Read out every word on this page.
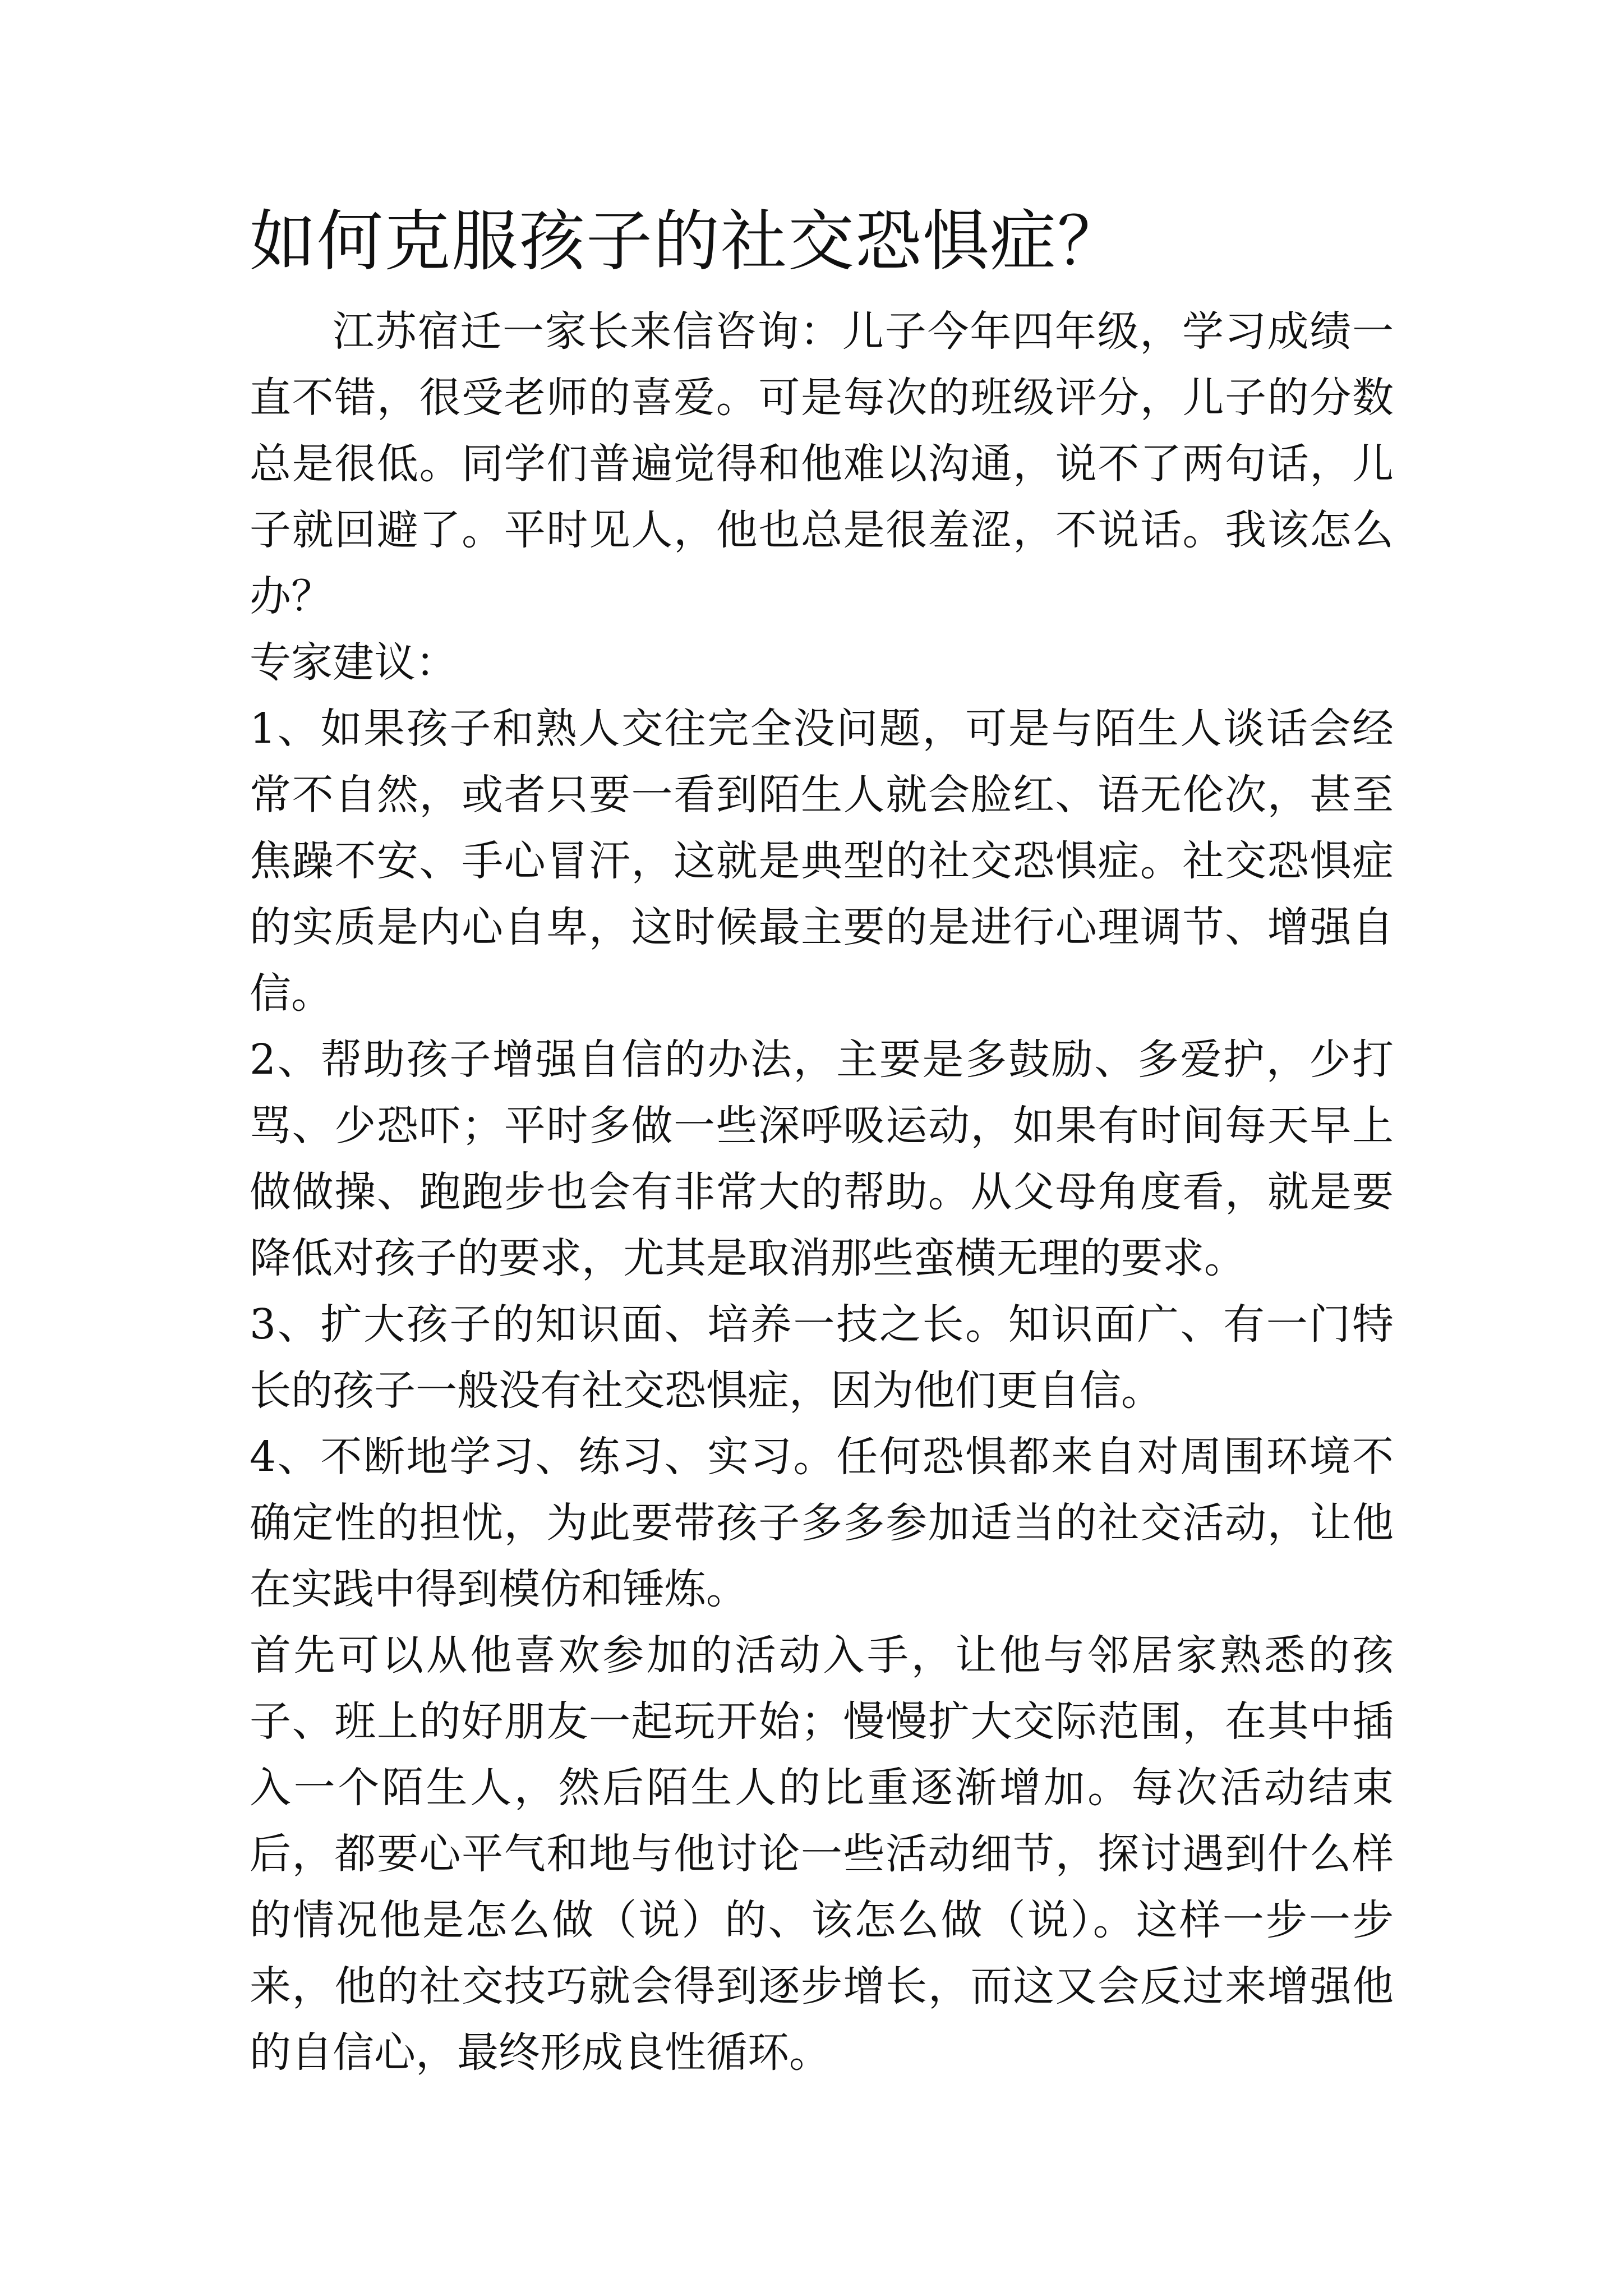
如何克服孩子的社交恐惧症？

江苏宿迁一家长来信咨询：儿子今年四年级，学习成绩一直不错，很受老师的喜爱。可是每次的班级评分，儿子的分数总是很低。同学们普遍觉得和他难以沟通，说不了两句话，儿子就回避了。平时见人，他也总是很羞涩，不说话。我该怎么办？

专家建议：

1、如果孩子和熟人交往完全没问题，可是与陌生人谈话会经常不自然，或者只要一看到陌生人就会脸红、语无伦次，甚至焦躁不安、手心冒汗，这就是典型的社交恐惧症。社交恐惧症的实质是内心自卑，这时候最主要的是进行心理调节、增强自信。

2、帮助孩子增强自信的办法，主要是多鼓励、多爱护，少打骂、少恐吓；平时多做一些深呼吸运动，如果有时间每天早上做做操、跑跑步也会有非常大的帮助。从父母角度看，就是要降低对孩子的要求，尤其是取消那些蛮横无理的要求。

3、扩大孩子的知识面、培养一技之长。知识面广、有一门特长的孩子一般没有社交恐惧症，因为他们更自信。

4、不断地学习、练习、实习。任何恐惧都来自对周围环境不确定性的担忧，为此要带孩子多多参加适当的社交活动，让他在实践中得到模仿和锤炼。

首先可以从他喜欢参加的活动入手，让他与邻居家熟悉的孩子、班上的好朋友一起玩开始；慢慢扩大交际范围，在其中插入一个陌生人，然后陌生人的比重逐渐增加。每次活动结束后，都要心平气和地与他讨论一些活动细节，探讨遇到什么样的情况他是怎么做（说）的、该怎么做（说）。这样一步一步来，他的社交技巧就会得到逐步增长，而这又会反过来增强他的自信心，最终形成良性循环。
